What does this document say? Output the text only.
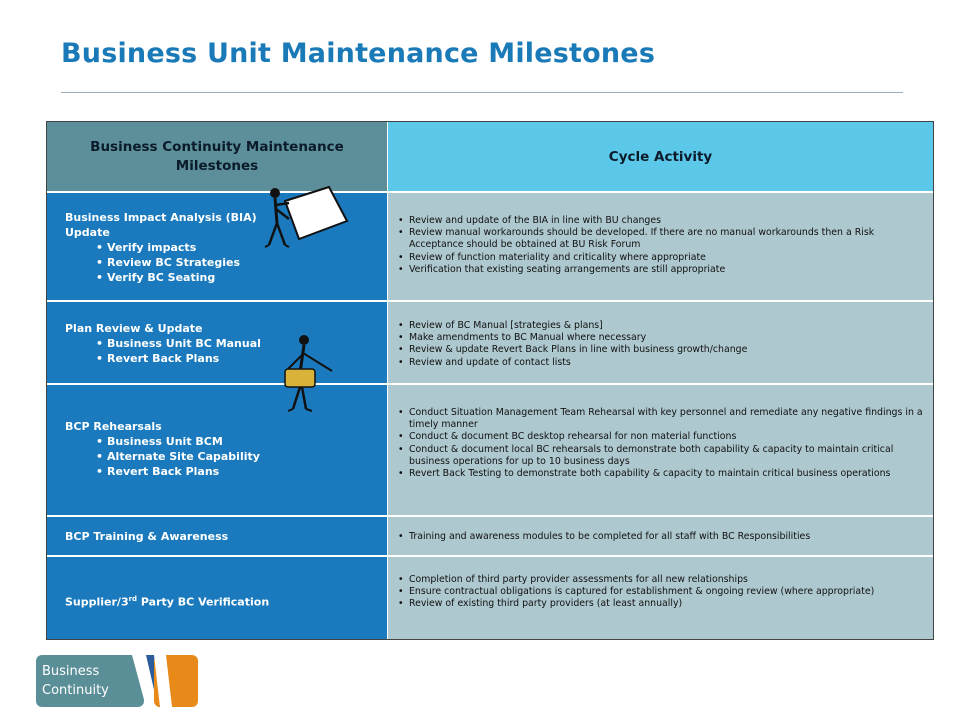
Business Unit Maintenance Milestones
Business Continuity Maintenance Milestones
Cycle Activity
Business Impact Analysis (BIA)
Update
• Verify impacts
• Review BC Strategies
• Verify BC Seating
• Review and update of the BIA in line with BU changes
• Review manual workarounds should be developed. If there are no manual workarounds then a Risk Acceptance should be obtained at BU Risk Forum
• Review of function materiality and criticality where appropriate
• Verification that existing seating arrangements are still appropriate
Plan Review & Update
• Business Unit BC Manual
• Revert Back Plans
• Review of BC Manual [strategies & plans]
• Make amendments to BC Manual where necessary
• Review & update Revert Back Plans in line with business growth/change
• Review and update of contact lists
BCP Rehearsals
• Business Unit BCM
• Alternate Site Capability
• Revert Back Plans
• Conduct Situation Management Team Rehearsal with key personnel and remediate any negative findings in a timely manner
• Conduct & document BC desktop rehearsal for non material functions
• Conduct & document local BC rehearsals to demonstrate both capability & capacity to maintain critical business operations for up to 10 business days
• Revert Back Testing to demonstrate both capability & capacity to maintain critical business operations
BCP Training & Awareness
•	Training and awareness modules to be completed for all staff with BC Responsibilities
Supplier/3rd Party BC Verification
• Completion of third party provider assessments for all new relationships
• Ensure contractual obligations is captured for establishment & ongoing review (where appropriate)
• Review of existing third party providers (at least annually)
Business
Continuity
